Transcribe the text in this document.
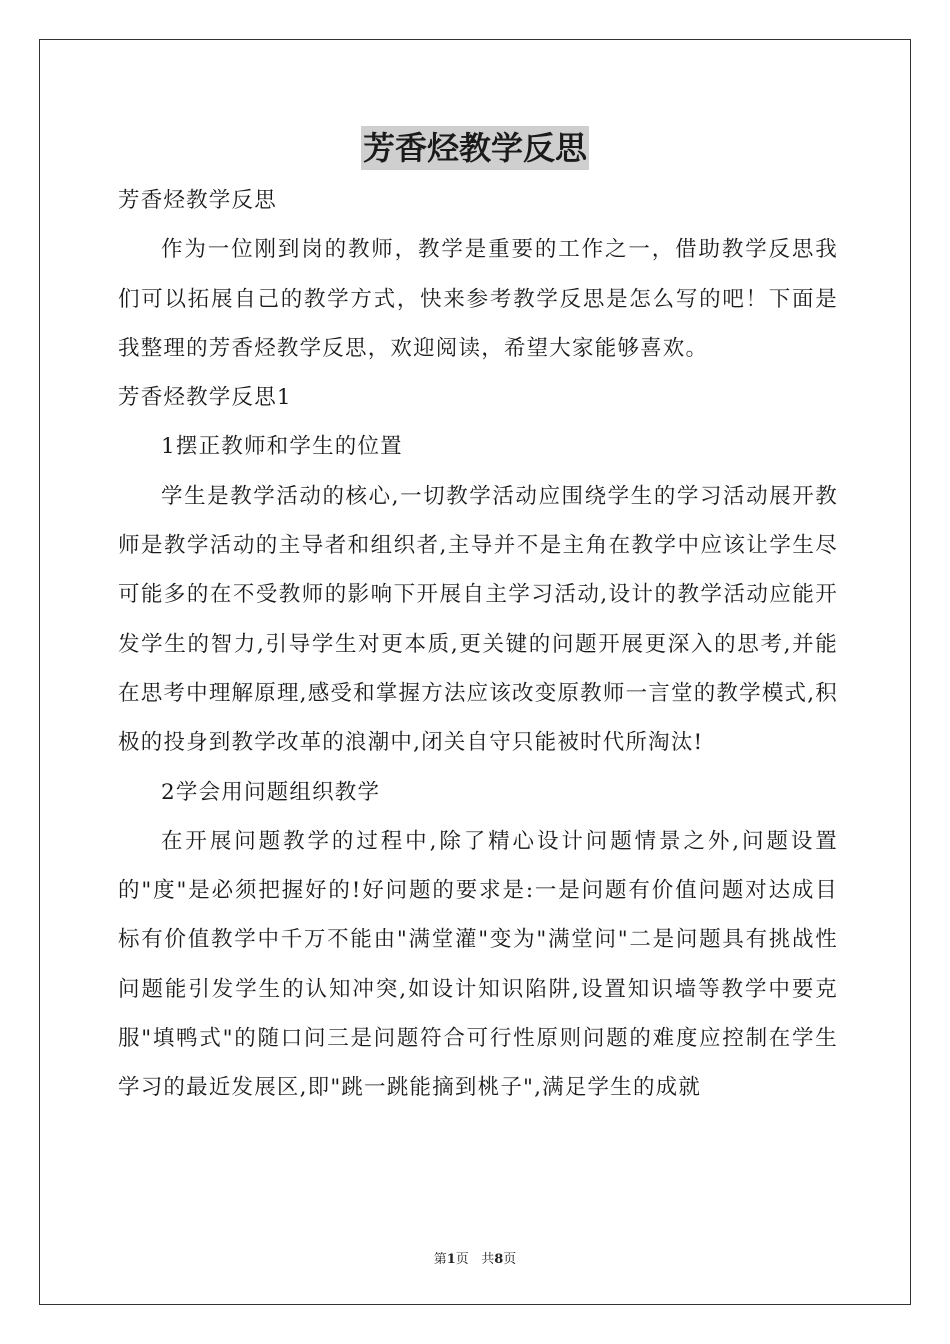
芳香烃教学反思

芳香烃教学反思

作为一位刚到岗的教师，教学是重要的工作之一，借助教学反思我们可以拓展自己的教学方式，快来参考教学反思是怎么写的吧！下面是我整理的芳香烃教学反思，欢迎阅读，希望大家能够喜欢。

芳香烃教学反思1

1摆正教师和学生的位置

学生是教学活动的核心,一切教学活动应围绕学生的学习活动展开教师是教学活动的主导者和组织者,主导并不是主角在教学中应该让学生尽可能多的在不受教师的影响下开展自主学习活动,设计的教学活动应能开发学生的智力,引导学生对更本质,更关键的问题开展更深入的思考,并能在思考中理解原理,感受和掌握方法应该改变原教师一言堂的教学模式,积极的投身到教学改革的浪潮中,闭关自守只能被时代所淘汰!

2学会用问题组织教学

在开展问题教学的过程中,除了精心设计问题情景之外,问题设置的"度"是必须把握好的!好问题的要求是:一是问题有价值问题对达成目标有价值教学中千万不能由"满堂灌"变为"满堂问"二是问题具有挑战性问题能引发学生的认知冲突,如设计知识陷阱,设置知识墙等教学中要克服"填鸭式"的随口问三是问题符合可行性原则问题的难度应控制在学生学习的最近发展区,即"跳一跳能摘到桃子",满足学生的成就

第1页 共8页
